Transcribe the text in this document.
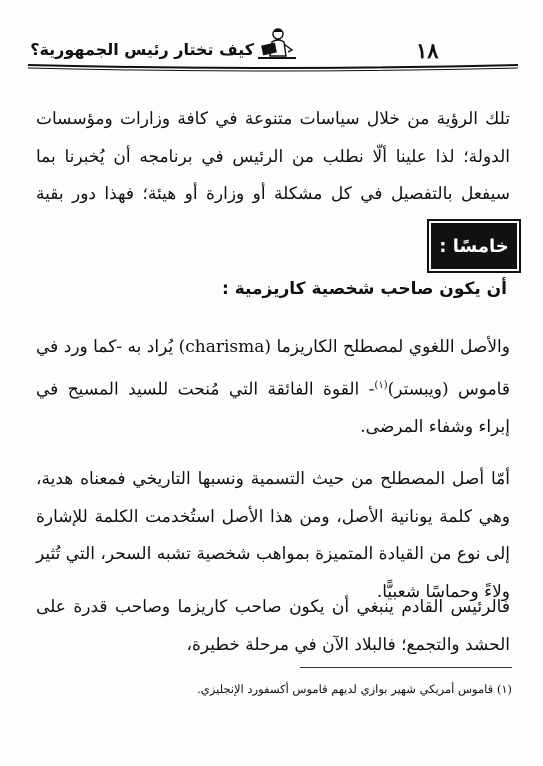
١٨
كيف تختار رئيس الجمهورية؟

تلك الرؤية من خلال سياسات متنوعة في كافة وزارات ومؤسسات الدولة؛ لذا علينا ألّا نطلب من الرئيس في برنامجه أن يُخبرنا بما سيفعل بالتفصيل في كل مشكلة أو وزارة أو هيئة؛ فهذا دور بقية

خامسًا :
أن يكون صاحب شخصية كاريزمية :

والأصل اللغوي لمصطلح الكاريزما (charisma) يُراد به -كما ورد في قاموس (ويبستر)$^{(١)}$- القوة الفائقة التي مُنحت للسيد المسيح في إبراء وشفاء المرضى.

أمّا أصل المصطلح من حيث التسمية ونسبها التاريخي فمعناه هدية، وهي كلمة يونانية الأصل، ومن هذا الأصل استُخدمت الكلمة للإشارة إلى نوع من القيادة المتميزة بمواهب شخصية تشبه السحر، التي تُثير ولاءً وحماسًا شعبيًّا.

فالرئيس القادم ينبغي أن يكون صاحب كاريزما وصاحب قدرة على الحشد والتجمع؛ فالبلاد الآن في مرحلة خطيرة،

(١) قاموس أمريكي شهير بوازي لديهم قاموس أكسفورد الإنجليزي.
